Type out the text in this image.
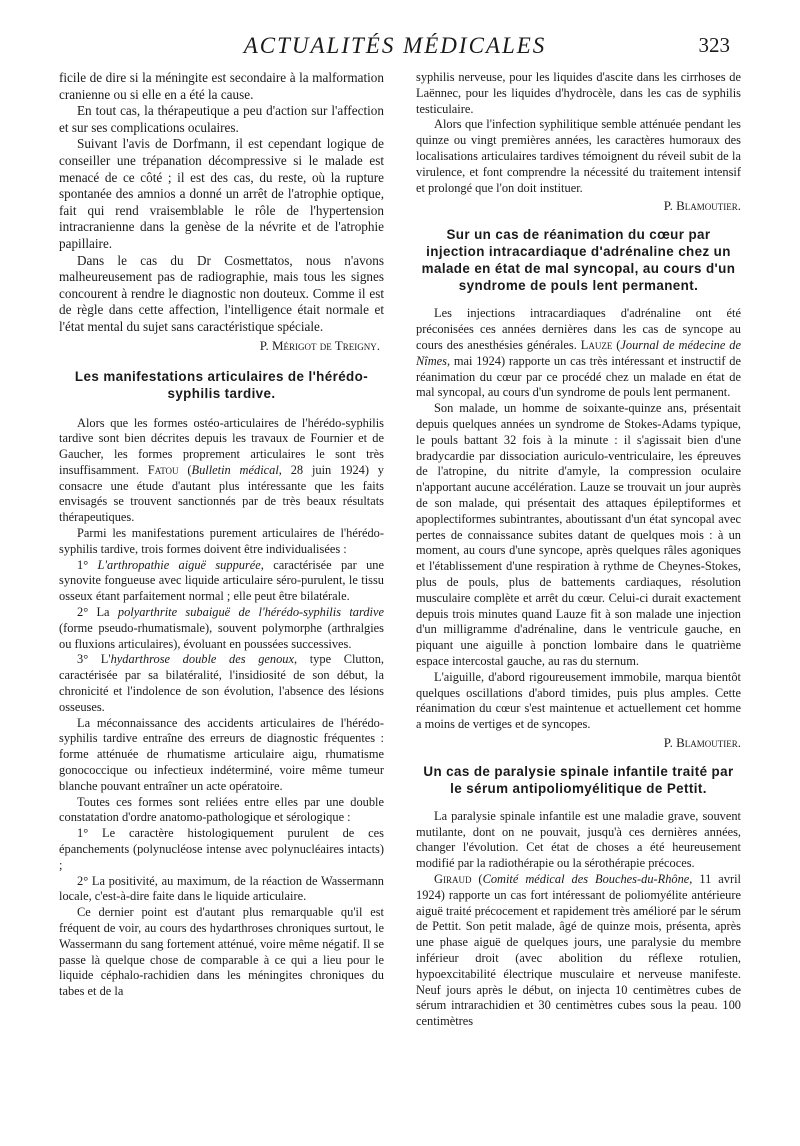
ACTUALITÉS MÉDICALES	323

ficile de dire si la méningite est secondaire à la malformation cranienne ou si elle en a été la cause.

En tout cas, la thérapeutique a peu d'action sur l'affection et sur ses complications oculaires.

Suivant l'avis de Dorfmann, il est cependant logique de conseiller une trépanation décompressive si le malade est menacé de ce côté ; il est des cas, du reste, où la rupture spontanée des amnios a donné un arrêt de l'atrophie optique, fait qui rend vraisemblable le rôle de l'hypertension intracranienne dans la genèse de la névrite et de l'atrophie papillaire.

Dans le cas du Dr Cosmettatos, nous n'avons malheureusement pas de radiographie, mais tous les signes concourent à rendre le diagnostic non douteux. Comme il est de règle dans cette affection, l'intelligence était normale et l'état mental du sujet sans caractéristique spéciale.

P. Mérigot de Treigny.
Les manifestations articulaires de l'hérédo-syphilis tardive.

Alors que les formes ostéo-articulaires de l'hérédo-syphilis tardive sont bien décrites depuis les travaux de Fournier et de Gaucher, les formes proprement articulaires le sont très insuffisamment. Fatou (Bulletin médical, 28 juin 1924) y consacre une étude d'autant plus intéressante que les faits envisagés se trouvent sanctionnés par de très beaux résultats thérapeutiques.

Parmi les manifestations purement articulaires de l'hérédo-syphilis tardive, trois formes doivent être individualisées :

1° L'arthropathie aiguë suppurée, caractérisée par une synovite fongueuse avec liquide articulaire séro-purulent, le tissu osseux étant parfaitement normal ; elle peut être bilatérale.

2° La polyarthrite subaiguë de l'hérédo-syphilis tardive (forme pseudo-rhumatismale), souvent polymorphe (arthralgies ou fluxions articulaires), évoluant en poussées successives.

3° L'hydarthrose double des genoux, type Clutton, caractérisée par sa bilatéralité, l'insidiosité de son début, la chronicité et l'indolence de son évolution, l'absence des lésions osseuses.

La méconnaissance des accidents articulaires de l'hérédo-syphilis tardive entraîne des erreurs de diagnostic fréquentes : forme atténuée de rhumatisme articulaire aigu, rhumatisme gonococcique ou infectieux indéterminé, voire même tumeur blanche pouvant entraîner un acte opératoire.

Toutes ces formes sont reliées entre elles par une double constatation d'ordre anatomo-pathologique et sérologique :

1° Le caractère histologiquement purulent de ces épanchements (polynucléose intense avec polynucléaires intacts) ;

2° La positivité, au maximum, de la réaction de Wassermann locale, c'est-à-dire faite dans le liquide articulaire.

Ce dernier point est d'autant plus remarquable qu'il est fréquent de voir, au cours des hydarthroses chroniques surtout, le Wassermann du sang fortement atténué, voire même négatif. Il se passe là quelque chose de comparable à ce qui a lieu pour le liquide céphalo-rachidien dans les méningites chroniques du tabes et de la

syphilis nerveuse, pour les liquides d'ascite dans les cirrhoses de Laënnec, pour les liquides d'hydrocèle, dans les cas de syphilis testiculaire.

Alors que l'infection syphilitique semble atténuée pendant les quinze ou vingt premières années, les caractères humoraux des localisations articulaires tardives témoignent du réveil subit de la virulence, et font comprendre la nécessité du traitement intensif et prolongé que l'on doit instituer.

P. Blamoutier.
Sur un cas de réanimation du cœur par injection intracardiaque d'adrénaline chez un malade en état de mal syncopal, au cours d'un syndrome de pouls lent permanent.

Les injections intracardiaques d'adrénaline ont été préconisées ces années dernières dans les cas de syncope au cours des anesthésies générales. Lauze (Journal de médecine de Nîmes, mai 1924) rapporte un cas très intéressant et instructif de réanimation du cœur par ce procédé chez un malade en état de mal syncopal, au cours d'un syndrome de pouls lent permanent.

Son malade, un homme de soixante-quinze ans, présentait depuis quelques années un syndrome de Stokes-Adams typique, le pouls battant 32 fois à la minute : il s'agissait bien d'une bradycardie par dissociation auriculo-ventriculaire, les épreuves de l'atropine, du nitrite d'amyle, la compression oculaire n'apportant aucune accélération. Lauze se trouvait un jour auprès de son malade, qui présentait des attaques épileptiformes et apoplectiformes subintrantes, aboutissant d'un état syncopal avec pertes de connaissance subites datant de quelques mois : à un moment, au cours d'une syncope, après quelques râles agoniques et l'établissement d'une respiration à rythme de Cheynes-Stokes, plus de pouls, plus de battements cardiaques, résolution musculaire complète et arrêt du cœur. Celui-ci durait exactement depuis trois minutes quand Lauze fit à son malade une injection d'un milligramme d'adrénaline, dans le ventricule gauche, en piquant une aiguille à ponction lombaire dans le quatrième espace intercostal gauche, au ras du sternum.

L'aiguille, d'abord rigoureusement immobile, marqua bientôt quelques oscillations d'abord timides, puis plus amples. Cette réanimation du cœur s'est maintenue et actuellement cet homme a moins de vertiges et de syncopes.

P. Blamoutier.
Un cas de paralysie spinale infantile traité par le sérum antipoliomyélitique de Pettit.

La paralysie spinale infantile est une maladie grave, souvent mutilante, dont on ne pouvait, jusqu'à ces dernières années, changer l'évolution. Cet état de choses a été heureusement modifié par la radiothérapie ou la sérothérapie précoces.

Giraud (Comité médical des Bouches-du-Rhône, 11 avril 1924) rapporte un cas fort intéressant de poliomyélite antérieure aiguë traité précocement et rapidement très amélioré par le sérum de Pettit. Son petit malade, âgé de quinze mois, présenta, après une phase aiguë de quelques jours, une paralysie du membre inférieur droit (avec abolition du réflexe rotulien, hypoexcitabilité électrique musculaire et nerveuse manifeste. Neuf jours après le début, on injecta 10 centimètres cubes de sérum intrarachidien et 30 centimètres cubes sous la peau. 100 centimètres
